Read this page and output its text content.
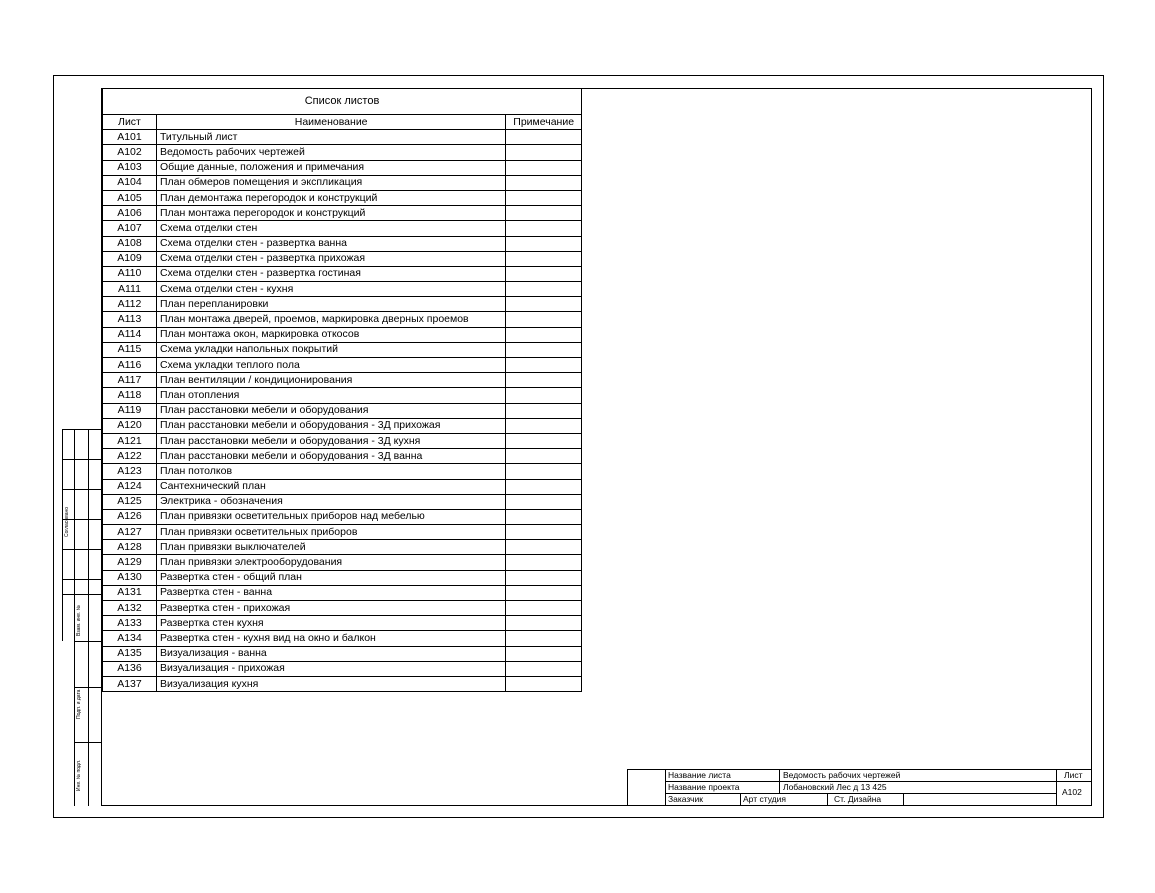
Список листов		
Лист	Наименование	Примечание
А101	Титульный лист	
А102	Ведомость рабочих чертежей	
А103	Общие данные, положения и примечания	
А104	План обмеров помещения и экспликация	
А105	План демонтажа перегородок и конструкций	
А106	План монтажа перегородок и конструкций	
А107	Схема отделки стен	
А108	Схема отделки стен - развертка ванна	
А109	Схема отделки стен - развертка прихожая	
А110	Схема отделки стен - развертка гостиная	
А111	Схема отделки стен - кухня	
А112	План перепланировки	
А113	План монтажа дверей, проемов, маркировка дверных проемов	
А114	План монтажа окон, маркировка откосов	
А115	Схема укладки напольных покрытий	
А116	Схема укладки теплого пола	
А117	План вентиляции / кондиционирования	
А118	План отопления	
А119	План расстановки мебели и оборудования	
А120	План расстановки мебели и оборудования - 3Д прихожая	
А121	План расстановки мебели и оборудования - 3Д кухня	
А122	План расстановки мебели и оборудования - 3Д ванна	
А123	План потолков	
А124	Сантехнический план	
А125	Электрика - обозначения	
А126	План привязки осветительных приборов над мебелью	
А127	План привязки осветительных приборов	
А128	План привязки выключателей	
А129	План привязки электрооборудования	
А130	Развертка стен - общий план	
А131	Развертка стен - ванна	
А132	Развертка стен - прихожая	
А133	Развертка стен кухня	
А134	Развертка стен - кухня вид на окно и балкон	
А135	Визуализация - ванна	
А136	Визуализация - прихожая	
А137	Визуализация кухня	
Согласовано
Взам. инв. №
Подп. и дата
Инв. № подл.	Название листа	Ведомость рабочих чертежей
Название проекта	Лобановский Лес д 13 425
Заказчик	Арт студия	Ст. Дизайна
Лист
А102
